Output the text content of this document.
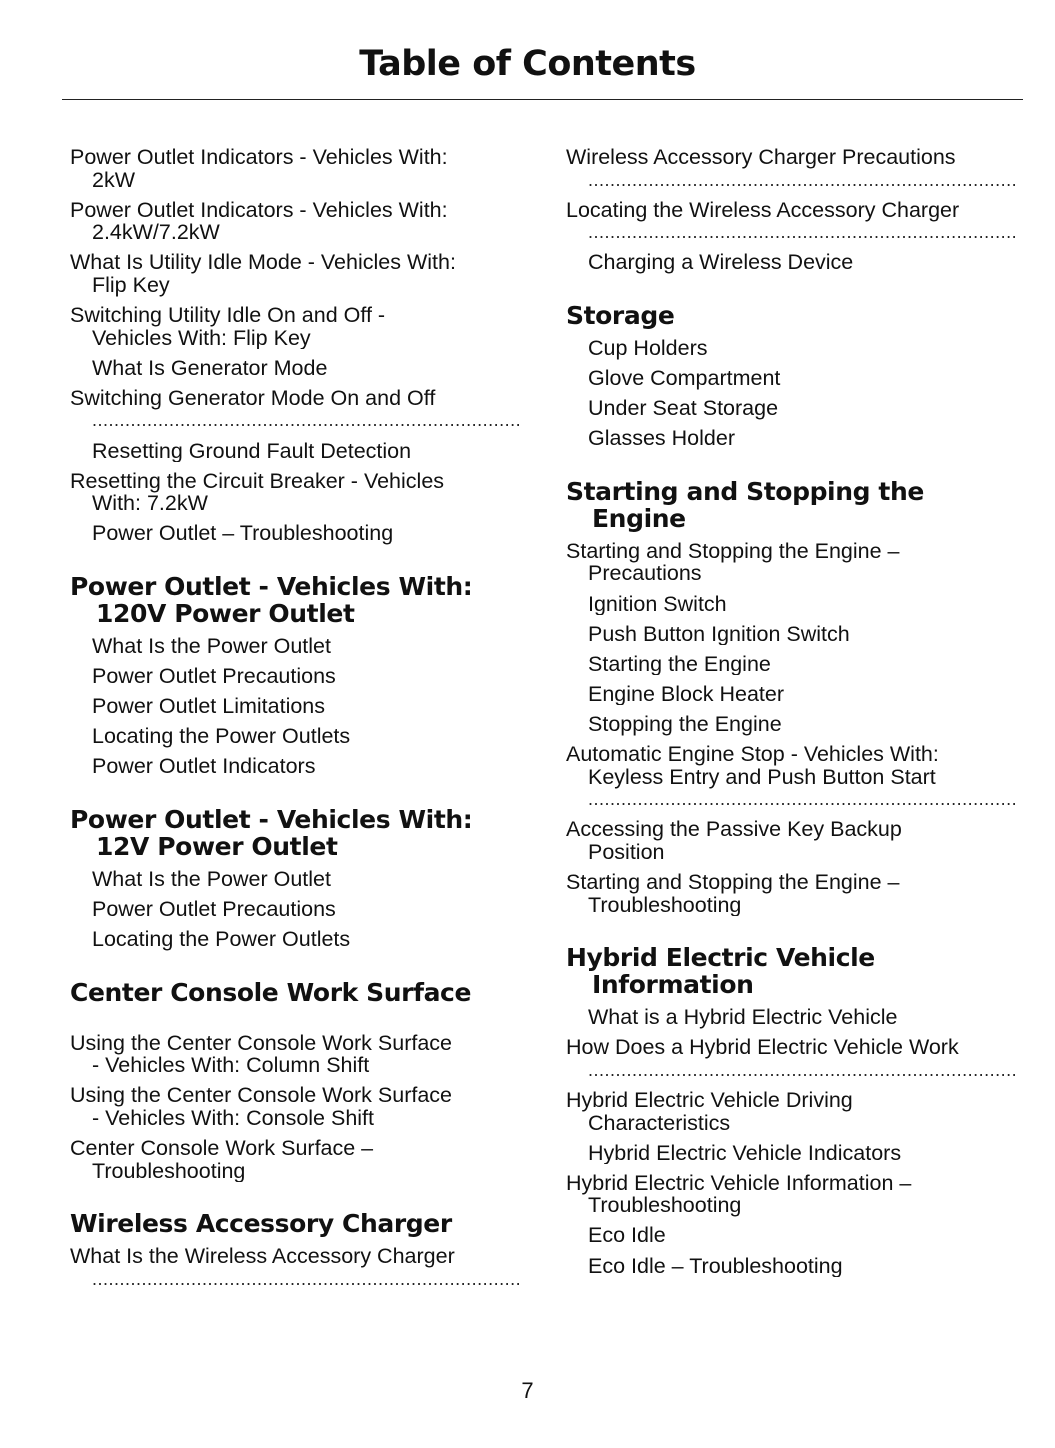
Table of Contents
Power Outlet Indicators - Vehicles With:

2kW
Power Outlet Indicators - Vehicles With:

2.4kW/7.2kW
What Is Utility Idle Mode - Vehicles With:

Flip Key
Switching Utility Idle On and Off -

Vehicles With: Flip Key
What Is Generator Mode
Switching Generator Mode On and Off

.....
Resetting Ground Fault Detection
Resetting the Circuit Breaker - Vehicles

With: 7.2kW
Power Outlet – Troubleshooting
Power Outlet - Vehicles With: 120V Power Outlet
What Is the Power Outlet
Power Outlet Precautions
Power Outlet Limitations
Locating the Power Outlets
Power Outlet Indicators
Power Outlet - Vehicles With: 12V Power Outlet
What Is the Power Outlet
Power Outlet Precautions
Locating the Power Outlets
Center Console Work Surface
Using the Center Console Work Surface

- Vehicles With: Column Shift
Using the Center Console Work Surface

- Vehicles With: Console Shift
Center Console Work Surface –

Troubleshooting
Wireless Accessory Charger
What Is the Wireless Accessory Charger

.....
Wireless Accessory Charger Precautions

.....
Locating the Wireless Accessory Charger

.....
Charging a Wireless Device
Storage
Cup Holders
Glove Compartment
Under Seat Storage
Glasses Holder
Starting and Stopping the Engine
Starting and Stopping the Engine –

Precautions
Ignition Switch
Push Button Ignition Switch
Starting the Engine
Engine Block Heater
Stopping the Engine
Automatic Engine Stop - Vehicles With:
Keyless Entry and Push Button Start

.....
Accessing the Passive Key Backup

Position
Starting and Stopping the Engine –

Troubleshooting
Hybrid Electric Vehicle Information
What is a Hybrid Electric Vehicle
How Does a Hybrid Electric Vehicle Work

.....
Hybrid Electric Vehicle Driving

Characteristics
Hybrid Electric Vehicle Indicators
Hybrid Electric Vehicle Information –

Troubleshooting
Eco Idle
Eco Idle – Troubleshooting
7
